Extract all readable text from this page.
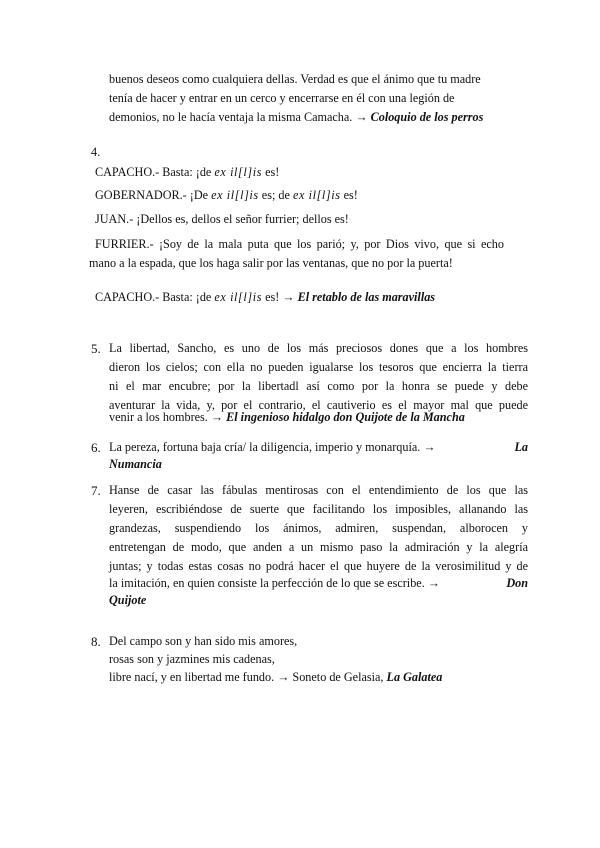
buenos deseos como cualquiera dellas. Verdad es que el ánimo que tu madre
tenía de hacer y entrar en un cerco y encerrarse en él con una legión de
demonios, no le hacía ventaja la misma Camacha. → Coloquio de los perros
4.
CAPACHO.- Basta: ¡de ex il[l]is es!
GOBERNADOR.- ¡De ex il[l]is es; de ex il[l]is es!
JUAN.- ¡Dellos es, dellos el señor furrier; dellos es!
FURRIER.- ¡Soy de la mala puta que los parió; y, por Dios vivo, que si echo
mano a la espada, que los haga salir por las ventanas, que no por la puerta!
CAPACHO.- Basta: ¡de ex il[l]is es! → El retablo de las maravillas
5. La libertad, Sancho, es uno de los más preciosos dones que a los hombres
dieron los cielos; con ella no pueden igualarse los tesoros que encierra la tierra
ni el mar encubre; por la libertadl así como por la honra se puede y debe
aventurar la vida, y, por el contrario, el cautiverio es el mayor mal que puede
venir a los hombres. → El ingenioso hidalgo don Quijote de la Mancha
6. La pereza, fortuna baja cría/ la diligencia, imperio y monarquía. →	La
Numancia
7. Hanse de casar las fábulas mentirosas con el entendimiento de los que las
leyeren, escribiéndose de suerte que facilitando los imposibles, allanando las
grandezas, suspendiendo los ánimos, admiren, suspendan, alborocen y
entretengan de modo, que anden a un mismo paso la admiración y la alegría
juntas; y todas estas cosas no podrá hacer el que huyere de la verosimilitud y de
la imitación, en quien consiste la perfección de lo que se escribe. →	Don
Quijote
8. Del campo son y han sido mis amores,
rosas son y jazmines mis cadenas,
libre nací, y en libertad me fundo. → Soneto de Gelasia, La Galatea
